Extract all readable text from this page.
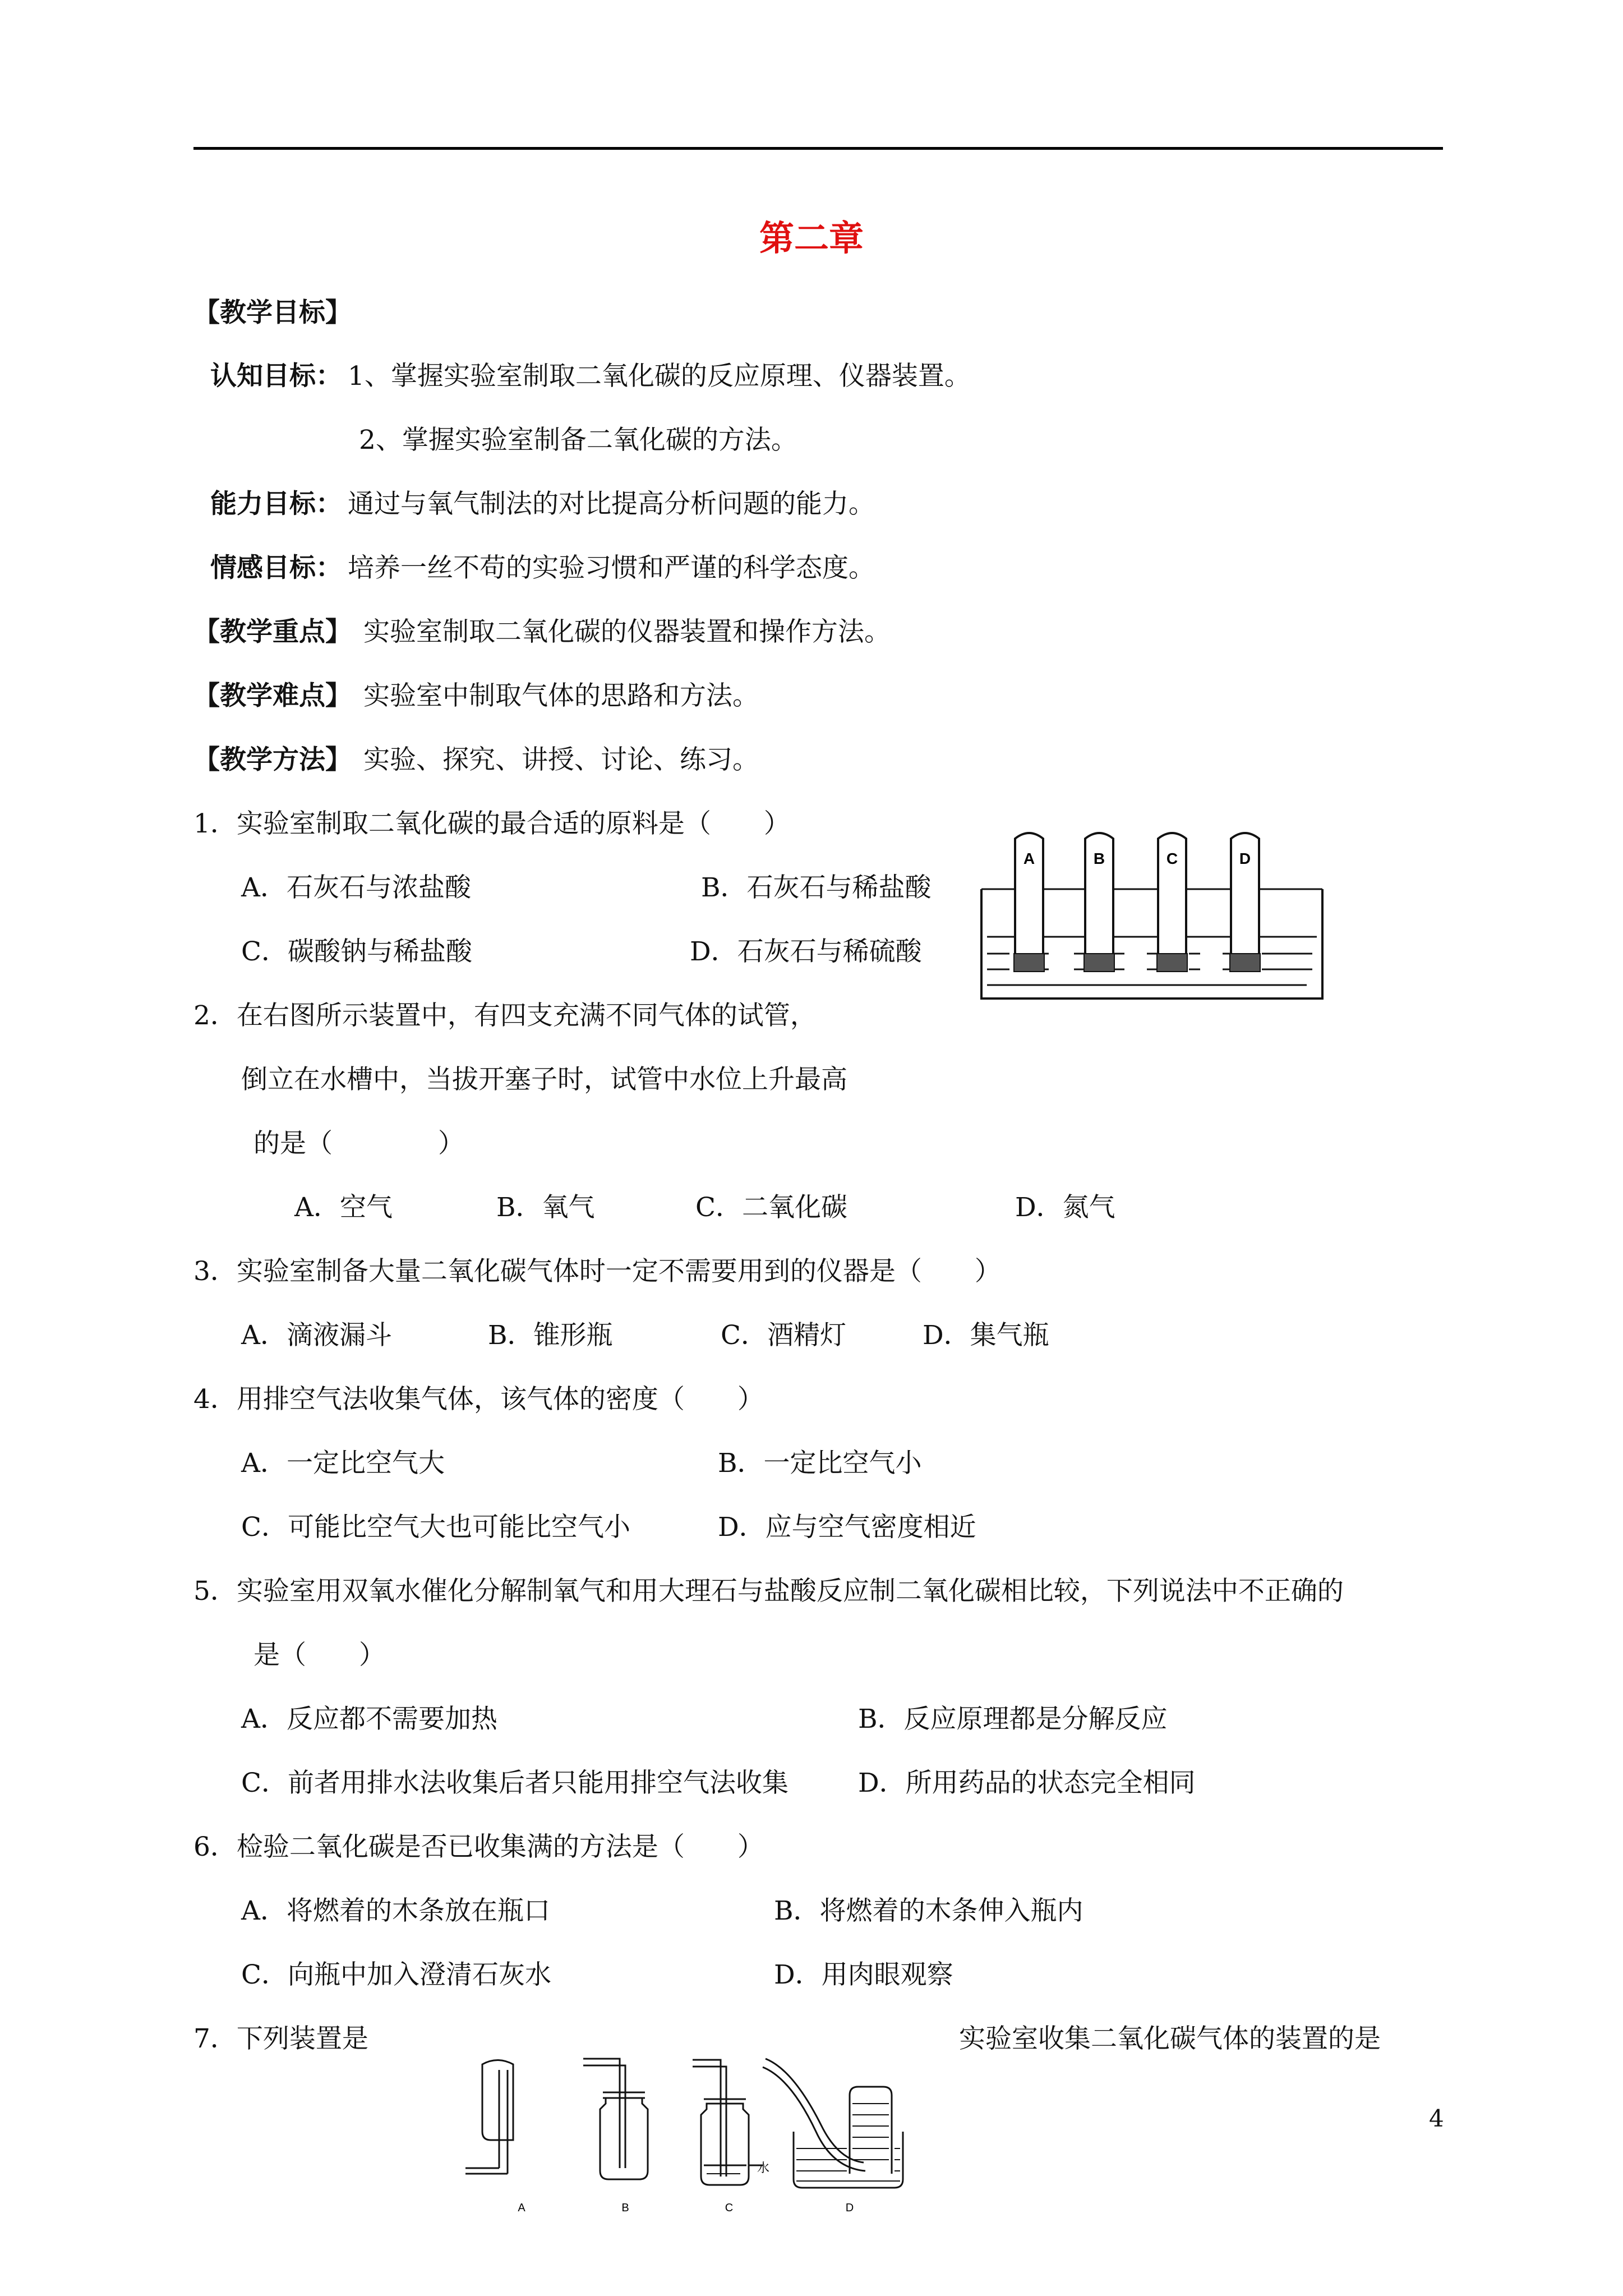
第二章
【教学目标】
认知目标： 1、掌握实验室制取二氧化碳的反应原理、仪器装置。
2、掌握实验室制备二氧化碳的方法。
能力目标： 通过与氧气制法的对比提高分析问题的能力。
情感目标： 培养一丝不苟的实验习惯和严谨的科学态度。
【教学重点】 实验室制取二氧化碳的仪器装置和操作方法。
【教学难点】 实验室中制取气体的思路和方法。
【教学方法】 实验、探究、讲授、讨论、练习。
1．实验室制取二氧化碳的最合适的原料是（　　）
A．石灰石与浓盐酸	B．石灰石与稀盐酸
C．碳酸钠与稀盐酸	D．石灰石与稀硫酸
A	B	C	D
2．在右图所示装置中，有四支充满不同气体的试管，
倒立在水槽中，当拔开塞子时，试管中水位上升最高
的是（　　　　）
A．空气	B．氧气	C．二氧化碳	D．氮气
3．实验室制备大量二氧化碳气体时一定不需要用到的仪器是（　　）
A．滴液漏斗	B．锥形瓶	C．酒精灯	D．集气瓶
4．用排空气法收集气体，该气体的密度（　　）
A．一定比空气大	B．一定比空气小
C．可能比空气大也可能比空气小	D．应与空气密度相近
5．实验室用双氧水催化分解制氧气和用大理石与盐酸反应制二氧化碳相比较，下列说法中不正确的
是（　　）
A．反应都不需要加热	B．反应原理都是分解反应
C．前者用排水法收集后者只能用排空气法收集	D．所用药品的状态完全相同
6．检验二氧化碳是否已收集满的方法是（　　）
A．将燃着的木条放在瓶口	B．将燃着的木条伸入瓶内
C．向瓶中加入澄清石灰水	D．用肉眼观察
7．下列装置是	实验室收集二氧化碳气体的装置的是
水
A	B	C	D
4
